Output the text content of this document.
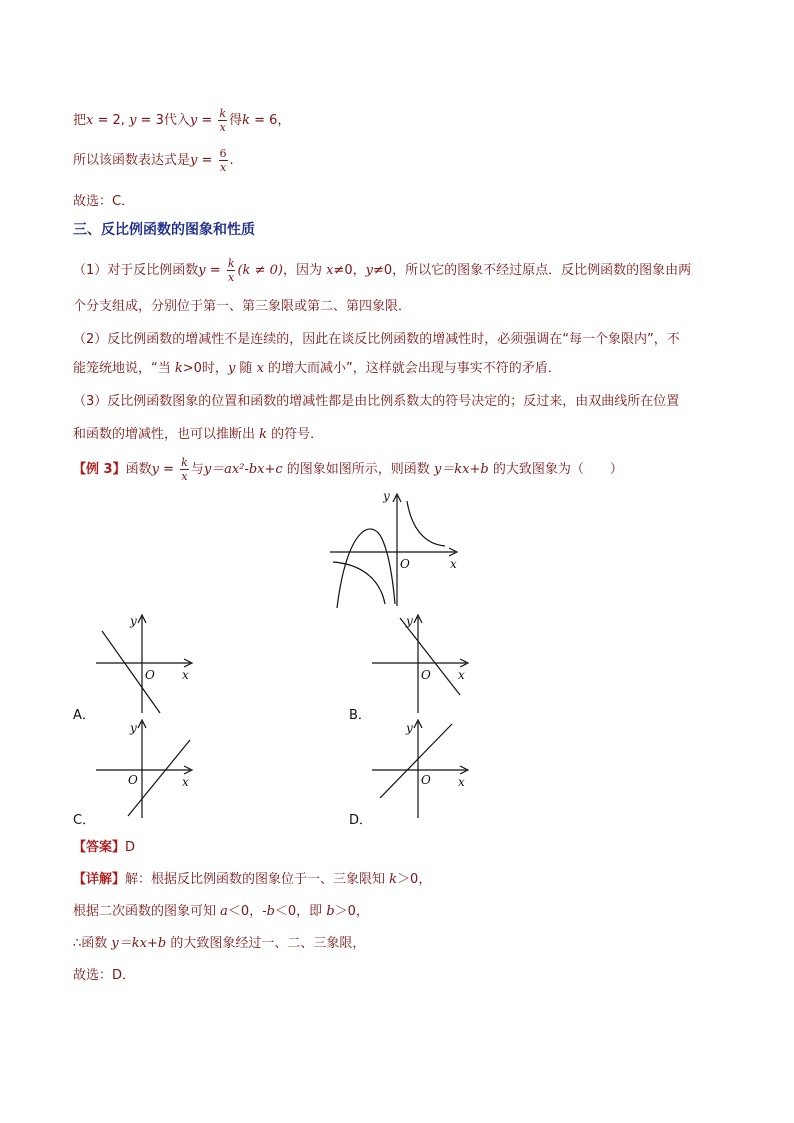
把x = 2, y = 3代入$y = \frac{k}{x}$ 得k = 6，
所以该函数表达式是$y = \frac{6}{x}$ .
故选：C．
三、反比例函数的图象和性质
（1）对于反比例函数$y = \frac{k}{x} (k \ne 0)$，因为 x≠0，y≠0，所以它的图象不经过原点．反比例函数的图象由两
个分支组成，分别位于第一、第三象限或第二、第四象限．
（2）反比例函数的增减性不是连续的，因此在谈反比例函数的增减性时，必须强调在“每一个象限内”，不
能笼统地说，“当 k>0时，y 随 x 的增大而减小”，这样就会出现与事实不符的矛盾．
（3）反比例函数图象的位置和函数的增减性都是由比例系数太的符号决定的；反过来，由双曲线所在位置
和函数的增减性，也可以推断出 k 的符号．
【例 3】函数$y = \frac{k}{x}$ 与y＝ax²-bx+c 的图象如图所示，则函数 y＝kx+b 的大致图象为（　　）
y
x
O
y
x
O
A．
y
x
O
B．
y
x
O
C．
y
x
O
D．
【答案】D
【详解】解：根据反比例函数的图象位于一、三象限知 k＞0，
根据二次函数的图象可知 a＜0，-b＜0，即 b＞0，
∴函数 y＝kx+b 的大致图象经过一、二、三象限，
故选：D．
